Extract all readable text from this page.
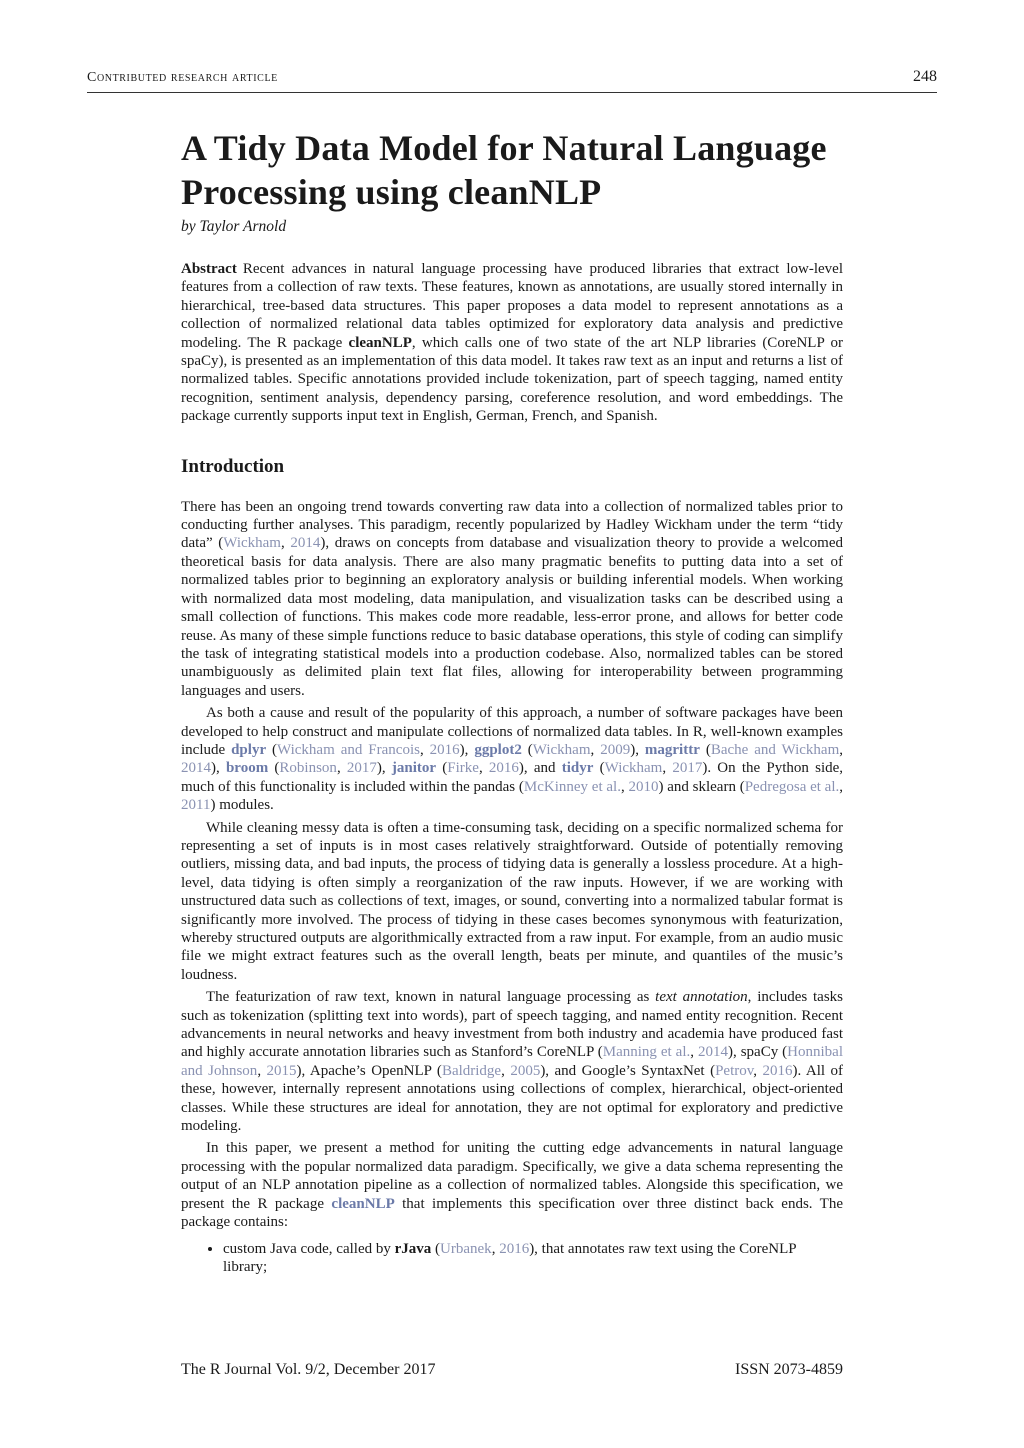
Contributed research article	248
A Tidy Data Model for Natural Language Processing using cleanNLP
by Taylor Arnold
Abstract Recent advances in natural language processing have produced libraries that extract low-level features from a collection of raw texts. These features, known as annotations, are usually stored internally in hierarchical, tree-based data structures. This paper proposes a data model to represent annotations as a collection of normalized relational data tables optimized for exploratory data analysis and predictive modeling. The R package cleanNLP, which calls one of two state of the art NLP libraries (CoreNLP or spaCy), is presented as an implementation of this data model. It takes raw text as an input and returns a list of normalized tables. Specific annotations provided include tokenization, part of speech tagging, named entity recognition, sentiment analysis, dependency parsing, coreference resolution, and word embeddings. The package currently supports input text in English, German, French, and Spanish.
Introduction

There has been an ongoing trend towards converting raw data into a collection of normalized tables prior to conducting further analyses. This paradigm, recently popularized by Hadley Wickham under the term “tidy data” (Wickham, 2014), draws on concepts from database and visualization theory to provide a welcomed theoretical basis for data analysis. There are also many pragmatic benefits to putting data into a set of normalized tables prior to beginning an exploratory analysis or building inferential models. When working with normalized data most modeling, data manipulation, and visualization tasks can be described using a small collection of functions. This makes code more readable, less-error prone, and allows for better code reuse. As many of these simple functions reduce to basic database operations, this style of coding can simplify the task of integrating statistical models into a production codebase. Also, normalized tables can be stored unambiguously as delimited plain text flat files, allowing for interoperability between programming languages and users.

As both a cause and result of the popularity of this approach, a number of software packages have been developed to help construct and manipulate collections of normalized data tables. In R, well-known examples include dplyr (Wickham and Francois, 2016), ggplot2 (Wickham, 2009), magrittr (Bache and Wickham, 2014), broom (Robinson, 2017), janitor (Firke, 2016), and tidyr (Wickham, 2017). On the Python side, much of this functionality is included within the pandas (McKinney et al., 2010) and sklearn (Pedregosa et al., 2011) modules.

While cleaning messy data is often a time-consuming task, deciding on a specific normalized schema for representing a set of inputs is in most cases relatively straightforward. Outside of potentially removing outliers, missing data, and bad inputs, the process of tidying data is generally a lossless procedure. At a high-level, data tidying is often simply a reorganization of the raw inputs. However, if we are working with unstructured data such as collections of text, images, or sound, converting into a normalized tabular format is significantly more involved. The process of tidying in these cases becomes synonymous with featurization, whereby structured outputs are algorithmically extracted from a raw input. For example, from an audio music file we might extract features such as the overall length, beats per minute, and quantiles of the music’s loudness.

The featurization of raw text, known in natural language processing as text annotation, includes tasks such as tokenization (splitting text into words), part of speech tagging, and named entity recognition. Recent advancements in neural networks and heavy investment from both industry and academia have produced fast and highly accurate annotation libraries such as Stanford’s CoreNLP (Manning et al., 2014), spaCy (Honnibal and Johnson, 2015), Apache’s OpenNLP (Baldridge, 2005), and Google’s SyntaxNet (Petrov, 2016). All of these, however, internally represent annotations using collections of complex, hierarchical, object-oriented classes. While these structures are ideal for annotation, they are not optimal for exploratory and predictive modeling.

In this paper, we present a method for uniting the cutting edge advancements in natural language processing with the popular normalized data paradigm. Specifically, we give a data schema representing the output of an NLP annotation pipeline as a collection of normalized tables. Alongside this specification, we present the R package cleanNLP that implements this specification over three distinct back ends. The package contains:

• custom Java code, called by rJava (Urbanek, 2016), that annotates raw text using the CoreNLP library;
The R Journal Vol. 9/2, December 2017	ISSN 2073-4859
